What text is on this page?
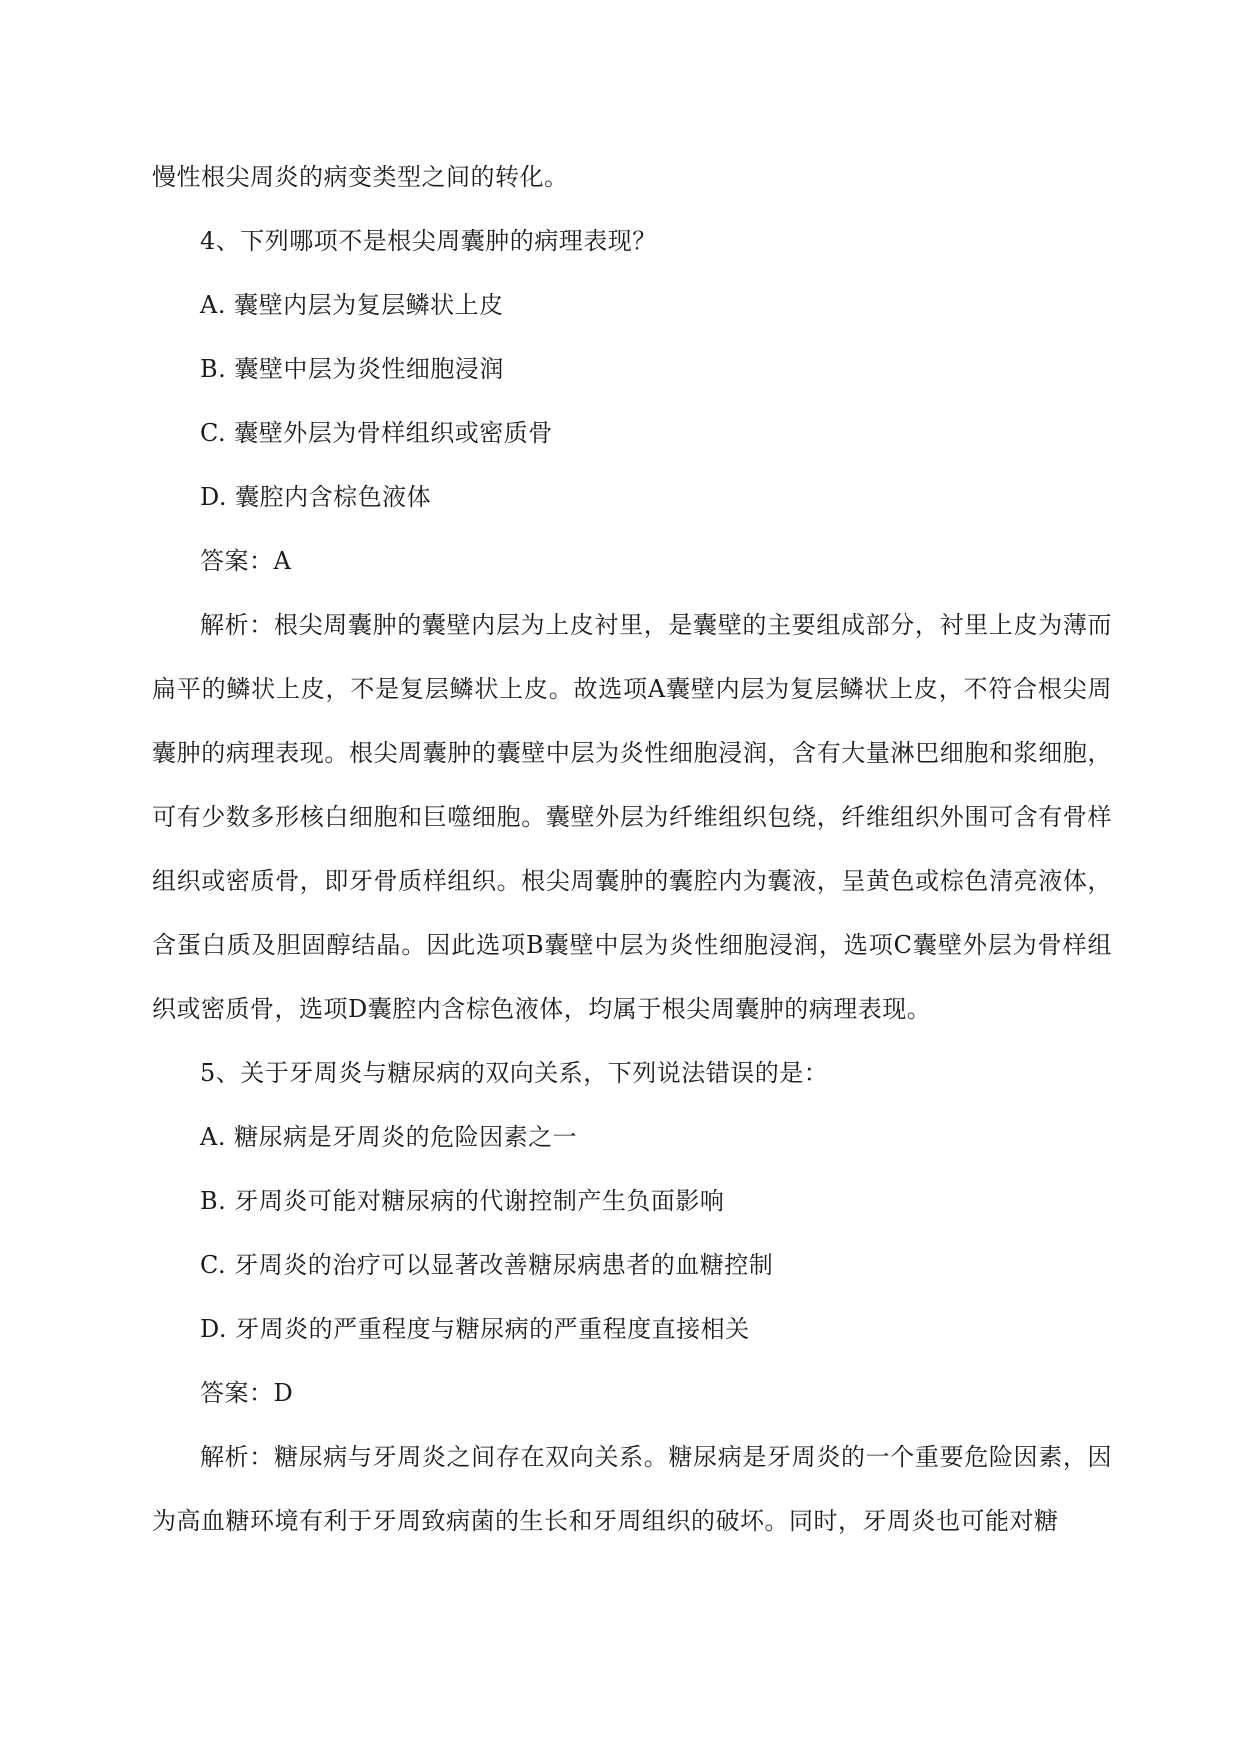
慢性根尖周炎的病变类型之间的转化。
4、下列哪项不是根尖周囊肿的病理表现？
A. 囊壁内层为复层鳞状上皮
B. 囊壁中层为炎性细胞浸润
C. 囊壁外层为骨样组织或密质骨
D. 囊腔内含棕色液体
答案：A

解析：根尖周囊肿的囊壁内层为上皮衬里，是囊壁的主要组成部分，衬里上皮为薄而扁平的鳞状上皮，不是复层鳞状上皮。故选项A囊壁内层为复层鳞状上皮，不符合根尖周囊肿的病理表现。根尖周囊肿的囊壁中层为炎性细胞浸润，含有大量淋巴细胞和浆细胞，可有少数多形核白细胞和巨噬细胞。囊壁外层为纤维组织包绕，纤维组织外围可含有骨样组织或密质骨，即牙骨质样组织。根尖周囊肿的囊腔内为囊液，呈黄色或棕色清亮液体，含蛋白质及胆固醇结晶。因此选项B囊壁中层为炎性细胞浸润，选项C囊壁外层为骨样组织或密质骨，选项D囊腔内含棕色液体，均属于根尖周囊肿的病理表现。

5、关于牙周炎与糖尿病的双向关系，下列说法错误的是：
A. 糖尿病是牙周炎的危险因素之一
B. 牙周炎可能对糖尿病的代谢控制产生负面影响
C. 牙周炎的治疗可以显著改善糖尿病患者的血糖控制
D. 牙周炎的严重程度与糖尿病的严重程度直接相关
答案：D

解析：糖尿病与牙周炎之间存在双向关系。糖尿病是牙周炎的一个重要危险因素，因为高血糖环境有利于牙周致病菌的生长和牙周组织的破坏。同时，牙周炎也可能对糖
